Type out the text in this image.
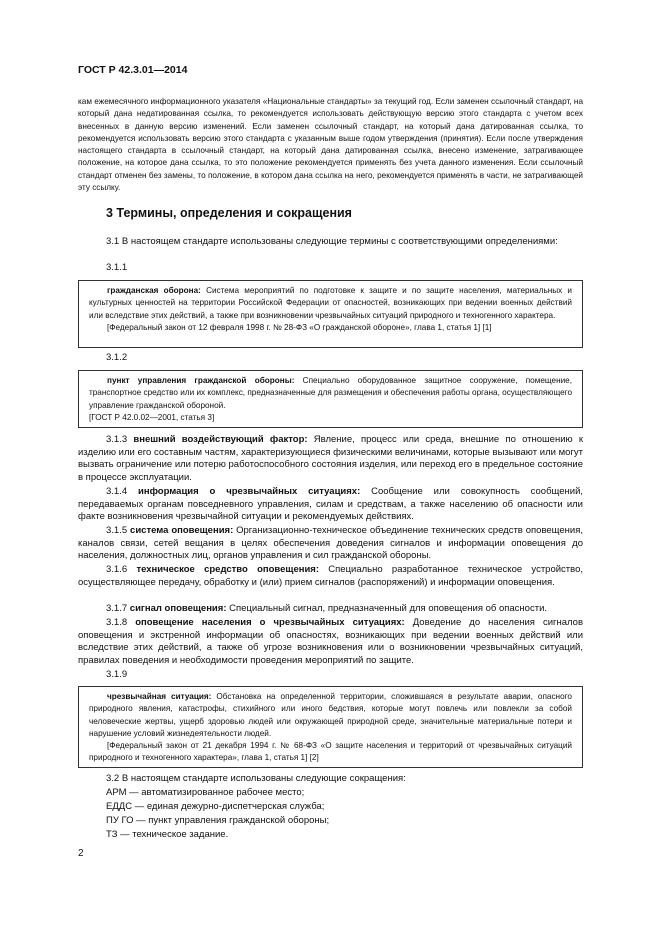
ГОСТ Р 42.3.01—2014
кам ежемесячного информационного указателя «Национальные стандарты» за текущий год. Если заменен ссылочный стандарт, на который дана недатированная ссылка, то рекомендуется использовать действующую версию этого стандарта с учетом всех внесенных в данную версию изменений. Если заменен ссылочный стандарт, на который дана датированная ссылка, то рекомендуется использовать версию этого стандарта с указанным выше годом утверждения (принятия). Если после утверждения настоящего стандарта в ссылочный стандарт, на который дана датированная ссылка, внесено изменение, затрагивающее положение, на которое дана ссылка, то это положение рекомендуется применять без учета данного изменения. Если ссылочный стандарт отменен без замены, то положение, в котором дана ссылка на него, рекомендуется применять в части, не затрагивающей эту ссылку.
3 Термины, определения и сокращения
3.1 В настоящем стандарте использованы следующие термины с соответствующими определениями:
3.1.1
гражданская оборона: Система мероприятий по подготовке к защите и по защите населения, материальных и культурных ценностей на территории Российской Федерации от опасностей, возникающих при ведении военных действий или вследствие этих действий, а также при возникновении чрезвычайных ситуаций природного и техногенного характера.
[Федеральный закон от 12 февраля 1998 г. № 28-ФЗ «О гражданской обороне», глава 1, статья 1] [1]
3.1.2
пункт управления гражданской обороны: Специально оборудованное защитное сооружение, помещение, транспортное средство или их комплекс, предназначенные для размещения и обеспечения работы органа, осуществляющего управление гражданской обороной.
[ГОСТ Р 42.0.02—2001, статья 3]
3.1.3 внешний воздействующий фактор: Явление, процесс или среда, внешние по отношению к изделию или его составным частям, характеризующиеся физическими величинами, которые вызывают или могут вызвать ограничение или потерю работоспособного состояния изделия, или переход его в предельное состояние в процессе эксплуатации.
3.1.4 информация о чрезвычайных ситуациях: Сообщение или совокупность сообщений, передаваемых органам повседневного управления, силам и средствам, а также населению об опасности или факте возникновения чрезвычайной ситуации и рекомендуемых действиях.
3.1.5 система оповещения: Организационно-техническое объединение технических средств оповещения, каналов связи, сетей вещания в целях обеспечения доведения сигналов и информации оповещения до населения, должностных лиц, органов управления и сил гражданской обороны.
3.1.6 техническое средство оповещения: Специально разработанное техническое устройство, осуществляющее передачу, обработку и (или) прием сигналов (распоряжений) и информации оповещения.
3.1.7 сигнал оповещения: Специальный сигнал, предназначенный для оповещения об опасности.
3.1.8 оповещение населения о чрезвычайных ситуациях: Доведение до населения сигналов оповещения и экстренной информации об опасностях, возникающих при ведении военных действий или вследствие этих действий, а также об угрозе возникновения или о возникновении чрезвычайных ситуаций, правилах поведения и необходимости проведения мероприятий по защите.
3.1.9
чрезвычайная ситуация: Обстановка на определенной территории, сложившаяся в результате аварии, опасного природного явления, катастрофы, стихийного или иного бедствия, которые могут повлечь или повлекли за собой человеческие жертвы, ущерб здоровью людей или окружающей природной среде, значительные материальные потери и нарушение условий жизнедеятельности людей.
[Федеральный закон от 21 декабря 1994 г. № 68-ФЗ «О защите населения и территорий от чрезвычайных ситуаций природного и техногенного характера», глава 1, статья 1] [2]
3.2 В настоящем стандарте использованы следующие сокращения:
АРМ — автоматизированное рабочее место;
ЕДДС — единая дежурно-диспетчерская служба;
ПУ ГО — пункт управления гражданской обороны;
ТЗ — техническое задание.
2
